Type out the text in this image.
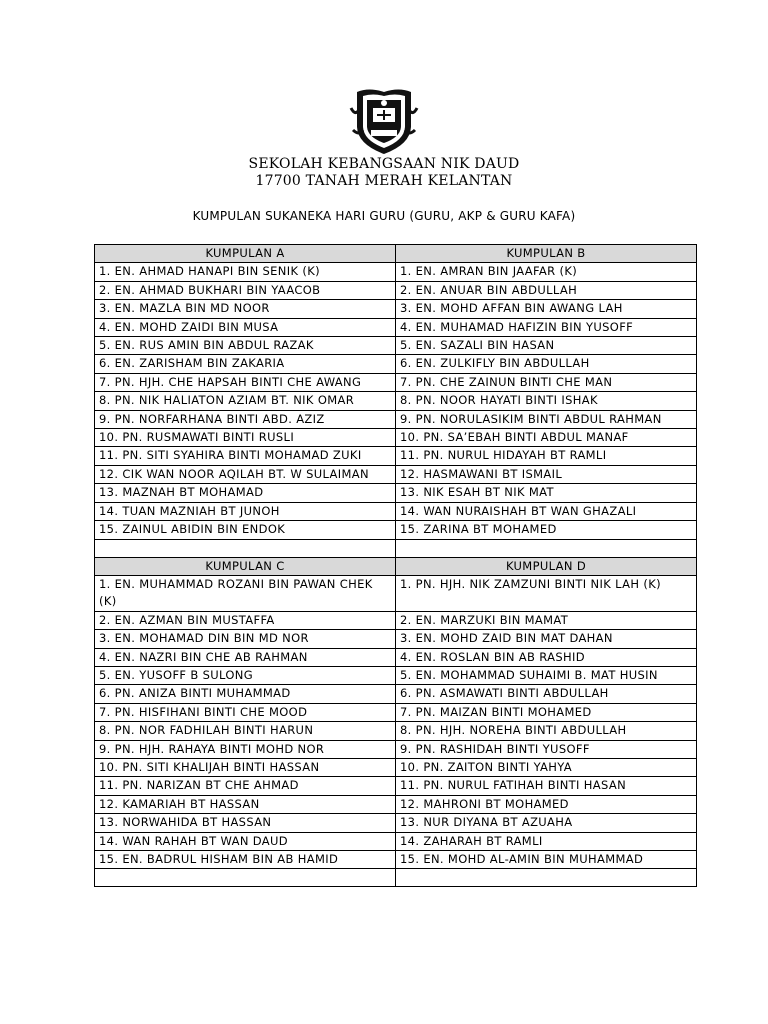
SEKOLAH KEBANGSAAN NIK DAUD
17700 TANAH MERAH KELANTAN
KUMPULAN SUKANEKA HARI GURU (GURU, AKP & GURU KAFA)
KUMPULAN A	KUMPULAN B
1. EN. AHMAD HANAPI BIN SENIK (K)	1. EN. AMRAN BIN JAAFAR (K)
2. EN. AHMAD BUKHARI BIN YAACOB	2. EN. ANUAR BIN ABDULLAH
3. EN. MAZLA BIN MD NOOR	3. EN. MOHD AFFAN BIN AWANG LAH
4. EN. MOHD ZAIDI BIN MUSA	4. EN. MUHAMAD HAFIZIN BIN YUSOFF
5. EN. RUS AMIN BIN ABDUL RAZAK	5. EN. SAZALI BIN HASAN
6. EN. ZARISHAM BIN ZAKARIA	6. EN. ZULKIFLY BIN ABDULLAH
7. PN. HJH. CHE HAPSAH BINTI CHE AWANG	7. PN. CHE ZAINUN BINTI CHE MAN
8. PN. NIK HALIATON AZIAM BT. NIK OMAR	8. PN. NOOR HAYATI BINTI ISHAK
9. PN. NORFARHANA BINTI ABD. AZIZ	9. PN. NORULASIKIM BINTI ABDUL RAHMAN
10. PN. RUSMAWATI BINTI RUSLI	10. PN. SA’EBAH BINTI ABDUL MANAF
11. PN. SITI SYAHIRA BINTI MOHAMAD ZUKI	11. PN. NURUL HIDAYAH BT RAMLI
12. CIK WAN NOOR AQILAH BT. W SULAIMAN	12. HASMAWANI BT ISMAIL
13. MAZNAH BT MOHAMAD	13. NIK ESAH BT NIK MAT
14. TUAN MAZNIAH BT JUNOH	14. WAN NURAISHAH BT WAN GHAZALI
15. ZAINUL ABIDIN BIN ENDOK	15. ZARINA BT MOHAMED

KUMPULAN C	KUMPULAN D
1. EN. MUHAMMAD ROZANI BIN PAWAN CHEK (K)	1. PN. HJH. NIK ZAMZUNI BINTI NIK LAH (K)
2. EN. AZMAN BIN MUSTAFFA	2. EN. MARZUKI BIN MAMAT
3. EN. MOHAMAD DIN BIN MD NOR	3. EN. MOHD ZAID BIN MAT DAHAN
4. EN. NAZRI BIN CHE AB RAHMAN	4. EN. ROSLAN BIN AB RASHID
5. EN. YUSOFF B SULONG	5. EN. MOHAMMAD SUHAIMI B. MAT HUSIN
6. PN. ANIZA BINTI MUHAMMAD	6. PN. ASMAWATI BINTI ABDULLAH
7. PN. HISFIHANI BINTI CHE MOOD	7. PN. MAIZAN BINTI MOHAMED
8. PN. NOR FADHILAH BINTI HARUN	8. PN. HJH. NOREHA BINTI ABDULLAH
9. PN. HJH. RAHAYA BINTI MOHD NOR	9. PN. RASHIDAH BINTI YUSOFF
10. PN. SITI KHALIJAH BINTI HASSAN	10. PN. ZAITON BINTI YAHYA
11. PN. NARIZAN BT CHE AHMAD	11. PN. NURUL FATIHAH BINTI HASAN
12. KAMARIAH BT HASSAN	12. MAHRONI BT MOHAMED
13. NORWAHIDA BT HASSAN	13. NUR DIYANA BT AZUAHA
14. WAN RAHAH BT WAN DAUD	14. ZAHARAH BT RAMLI
15. EN. BADRUL HISHAM BIN AB HAMID	15. EN. MOHD AL-AMIN BIN MUHAMMAD
